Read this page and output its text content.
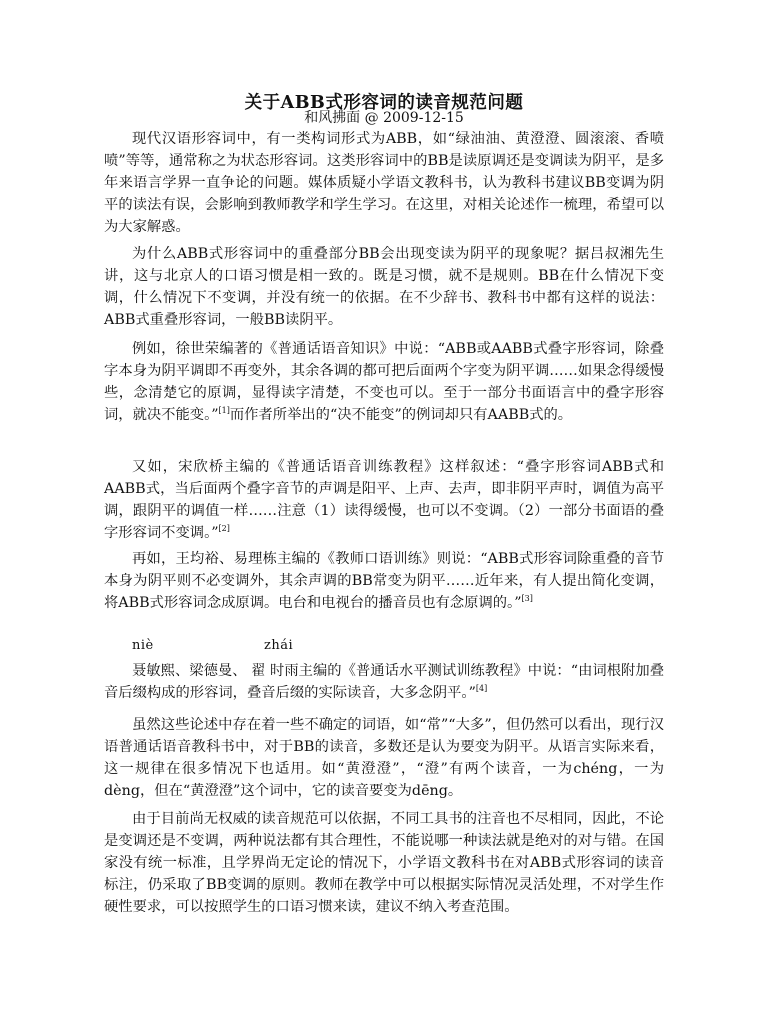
关于ABB式形容词的读音规范问题
和风拂面 @ 2009-12-15
现代汉语形容词中，有一类构词形式为ABB，如“绿油油、黄澄澄、圆滚滚、香喷喷”等等，通常称之为状态形容词。这类形容词中的BB是读原调还是变调读为阴平，是多年来语言学界一直争论的问题。媒体质疑小学语文教科书，认为教科书建议BB变调为阴平的读法有误，会影响到教师教学和学生学习。在这里，对相关论述作一梳理，希望可以为大家解惑。
为什么ABB式形容词中的重叠部分BB会出现变读为阴平的现象呢？据吕叔湘先生讲，这与北京人的口语习惯是相一致的。既是习惯，就不是规则。BB在什么情况下变调，什么情况下不变调，并没有统一的依据。在不少辞书、教科书中都有这样的说法：ABB式重叠形容词，一般BB读阴平。
例如，徐世荣编著的《普通话语音知识》中说：“ABB或AABB式叠字形容词，除叠字本身为阴平调即不再变外，其余各调的都可把后面两个字变为阴平调……如果念得缓慢些，念清楚它的原调，显得读字清楚，不变也可以。至于一部分书面语言中的叠字形容词，就决不能变。”[1]而作者所举出的“决不能变”的例词却只有AABB式的。
又如，宋欣桥主编的《普通话语音训练教程》这样叙述：“叠字形容词ABB式和AABB式，当后面两个叠字音节的声调是阳平、上声、去声，即非阴平声时，调值为高平调，跟阴平的调值一样……注意（1）读得缓慢，也可以不变调。（2）一部分书面语的叠字形容词不变调。”[2]
再如，王均裕、易理栋主编的《教师口语训练》则说：“ABB式形容词除重叠的音节本身为阴平则不必变调外，其余声调的BB常变为阴平……近年来，有人提出简化变调，将ABB式形容词念成原调。电台和电视台的播音员也有念原调的。”[3]
niè	zhái
聂敏熙、梁德曼、 翟 时雨主编的《普通话水平测试训练教程》中说：“由词根附加叠音后缀构成的形容词，叠音后缀的实际读音，大多念阴平。”[4]
虽然这些论述中存在着一些不确定的词语，如“常”“大多”，但仍然可以看出，现行汉语普通话语音教科书中，对于BB的读音，多数还是认为要变为阴平。从语言实际来看，这一规律在很多情况下也适用。如“黄澄澄”，“澄”有两个读音，一为chéng，一为dèng，但在“黄澄澄”这个词中，它的读音要变为dēng。
由于目前尚无权威的读音规范可以依据，不同工具书的注音也不尽相同，因此，不论是变调还是不变调，两种说法都有其合理性，不能说哪一种读法就是绝对的对与错。在国家没有统一标准，且学界尚无定论的情况下，小学语文教科书在对ABB式形容词的读音标注，仍采取了BB变调的原则。教师在教学中可以根据实际情况灵活处理，不对学生作硬性要求，可以按照学生的口语习惯来读，建议不纳入考查范围。
